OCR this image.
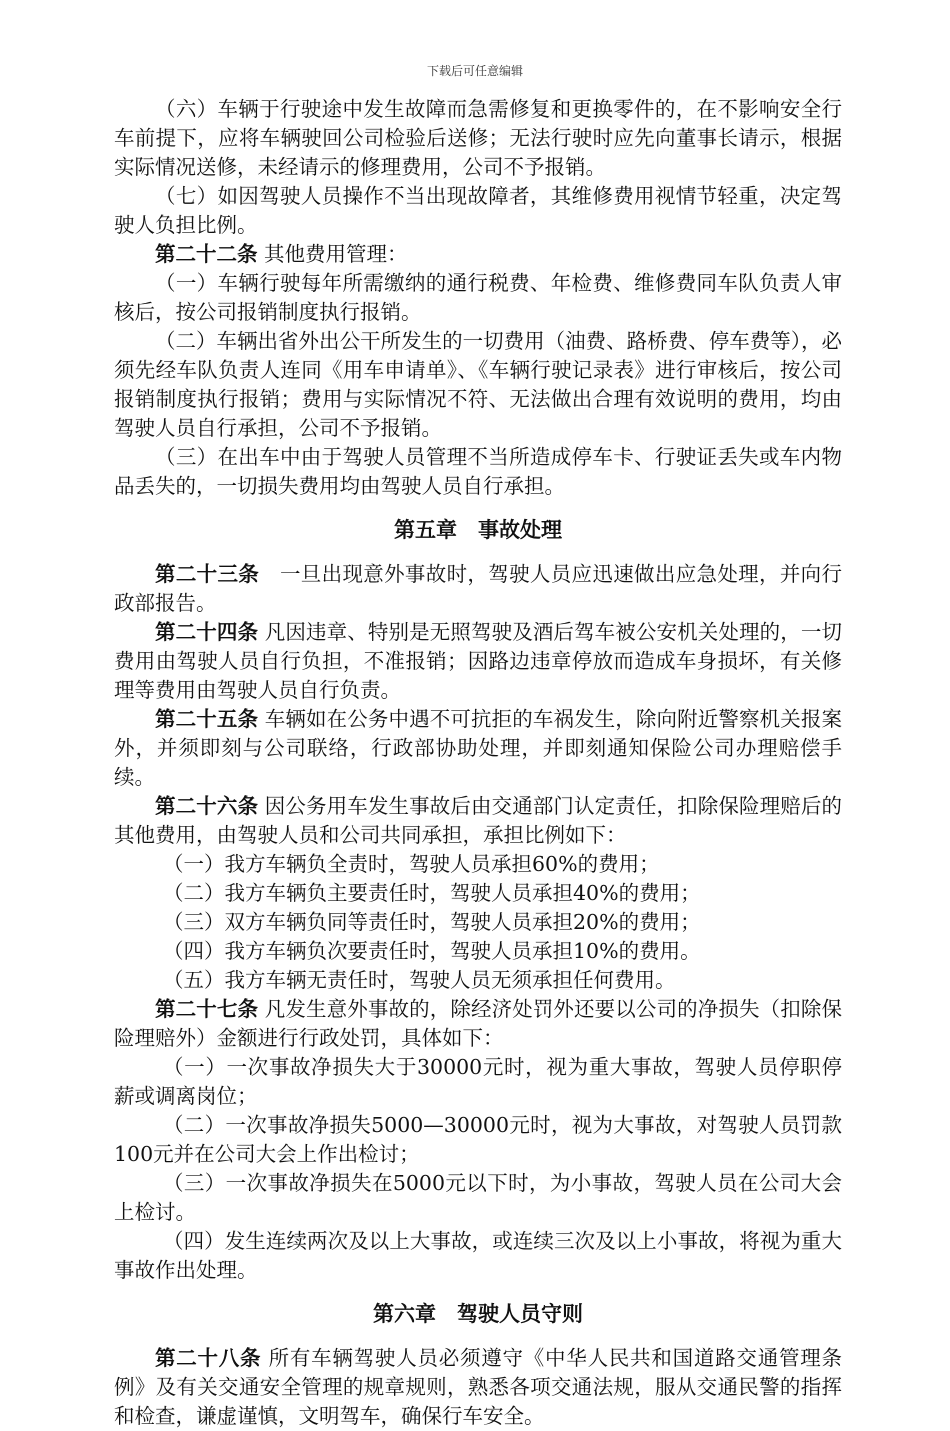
下载后可任意编辑

（六）车辆于行驶途中发生故障而急需修复和更换零件的，在不影响安全行车前提下，应将车辆驶回公司检验后送修；无法行驶时应先向董事长请示，根据实际情况送修，未经请示的修理费用，公司不予报销。

（七）如因驾驶人员操作不当出现故障者，其维修费用视情节轻重，决定驾驶人负担比例。

第二十二条 其他费用管理：

（一）车辆行驶每年所需缴纳的通行税费、年检费、维修费同车队负责人审核后，按公司报销制度执行报销。

（二）车辆出省外出公干所发生的一切费用（油费、路桥费、停车费等），必须先经车队负责人连同《用车申请单》、《车辆行驶记录表》进行审核后，按公司报销制度执行报销；费用与实际情况不符、无法做出合理有效说明的费用，均由驾驶人员自行承担，公司不予报销。

（三）在出车中由于驾驶人员管理不当所造成停车卡、行驶证丢失或车内物品丢失的，一切损失费用均由驾驶人员自行承担。

第五章　事故处理

第二十三条　一旦出现意外事故时，驾驶人员应迅速做出应急处理，并向行政部报告。

第二十四条 凡因违章、特别是无照驾驶及酒后驾车被公安机关处理的，一切费用由驾驶人员自行负担，不准报销；因路边违章停放而造成车身损坏，有关修理等费用由驾驶人员自行负责。

第二十五条 车辆如在公务中遇不可抗拒的车祸发生，除向附近警察机关报案外，并须即刻与公司联络，行政部协助处理，并即刻通知保险公司办理赔偿手续。

第二十六条 因公务用车发生事故后由交通部门认定责任，扣除保险理赔后的其他费用，由驾驶人员和公司共同承担，承担比例如下：

（一）我方车辆负全责时，驾驶人员承担60%的费用；

（二）我方车辆负主要责任时，驾驶人员承担40%的费用；

（三）双方车辆负同等责任时，驾驶人员承担20%的费用；

（四）我方车辆负次要责任时，驾驶人员承担10%的费用。

（五）我方车辆无责任时，驾驶人员无须承担任何费用。

第二十七条 凡发生意外事故的，除经济处罚外还要以公司的净损失（扣除保险理赔外）金额进行行政处罚，具体如下：

（一）一次事故净损失大于30000元时，视为重大事故，驾驶人员停职停薪或调离岗位；

（二）一次事故净损失5000—30000元时，视为大事故，对驾驶人员罚款100元并在公司大会上作出检讨；

（三）一次事故净损失在5000元以下时，为小事故，驾驶人员在公司大会上检讨。

（四）发生连续两次及以上大事故，或连续三次及以上小事故，将视为重大事故作出处理。

第六章　驾驶人员守则

第二十八条 所有车辆驾驶人员必须遵守《中华人民共和国道路交通管理条例》及有关交通安全管理的规章规则，熟悉各项交通法规，服从交通民警的指挥和检查，谦虚谨慎，文明驾车，确保行车安全。
